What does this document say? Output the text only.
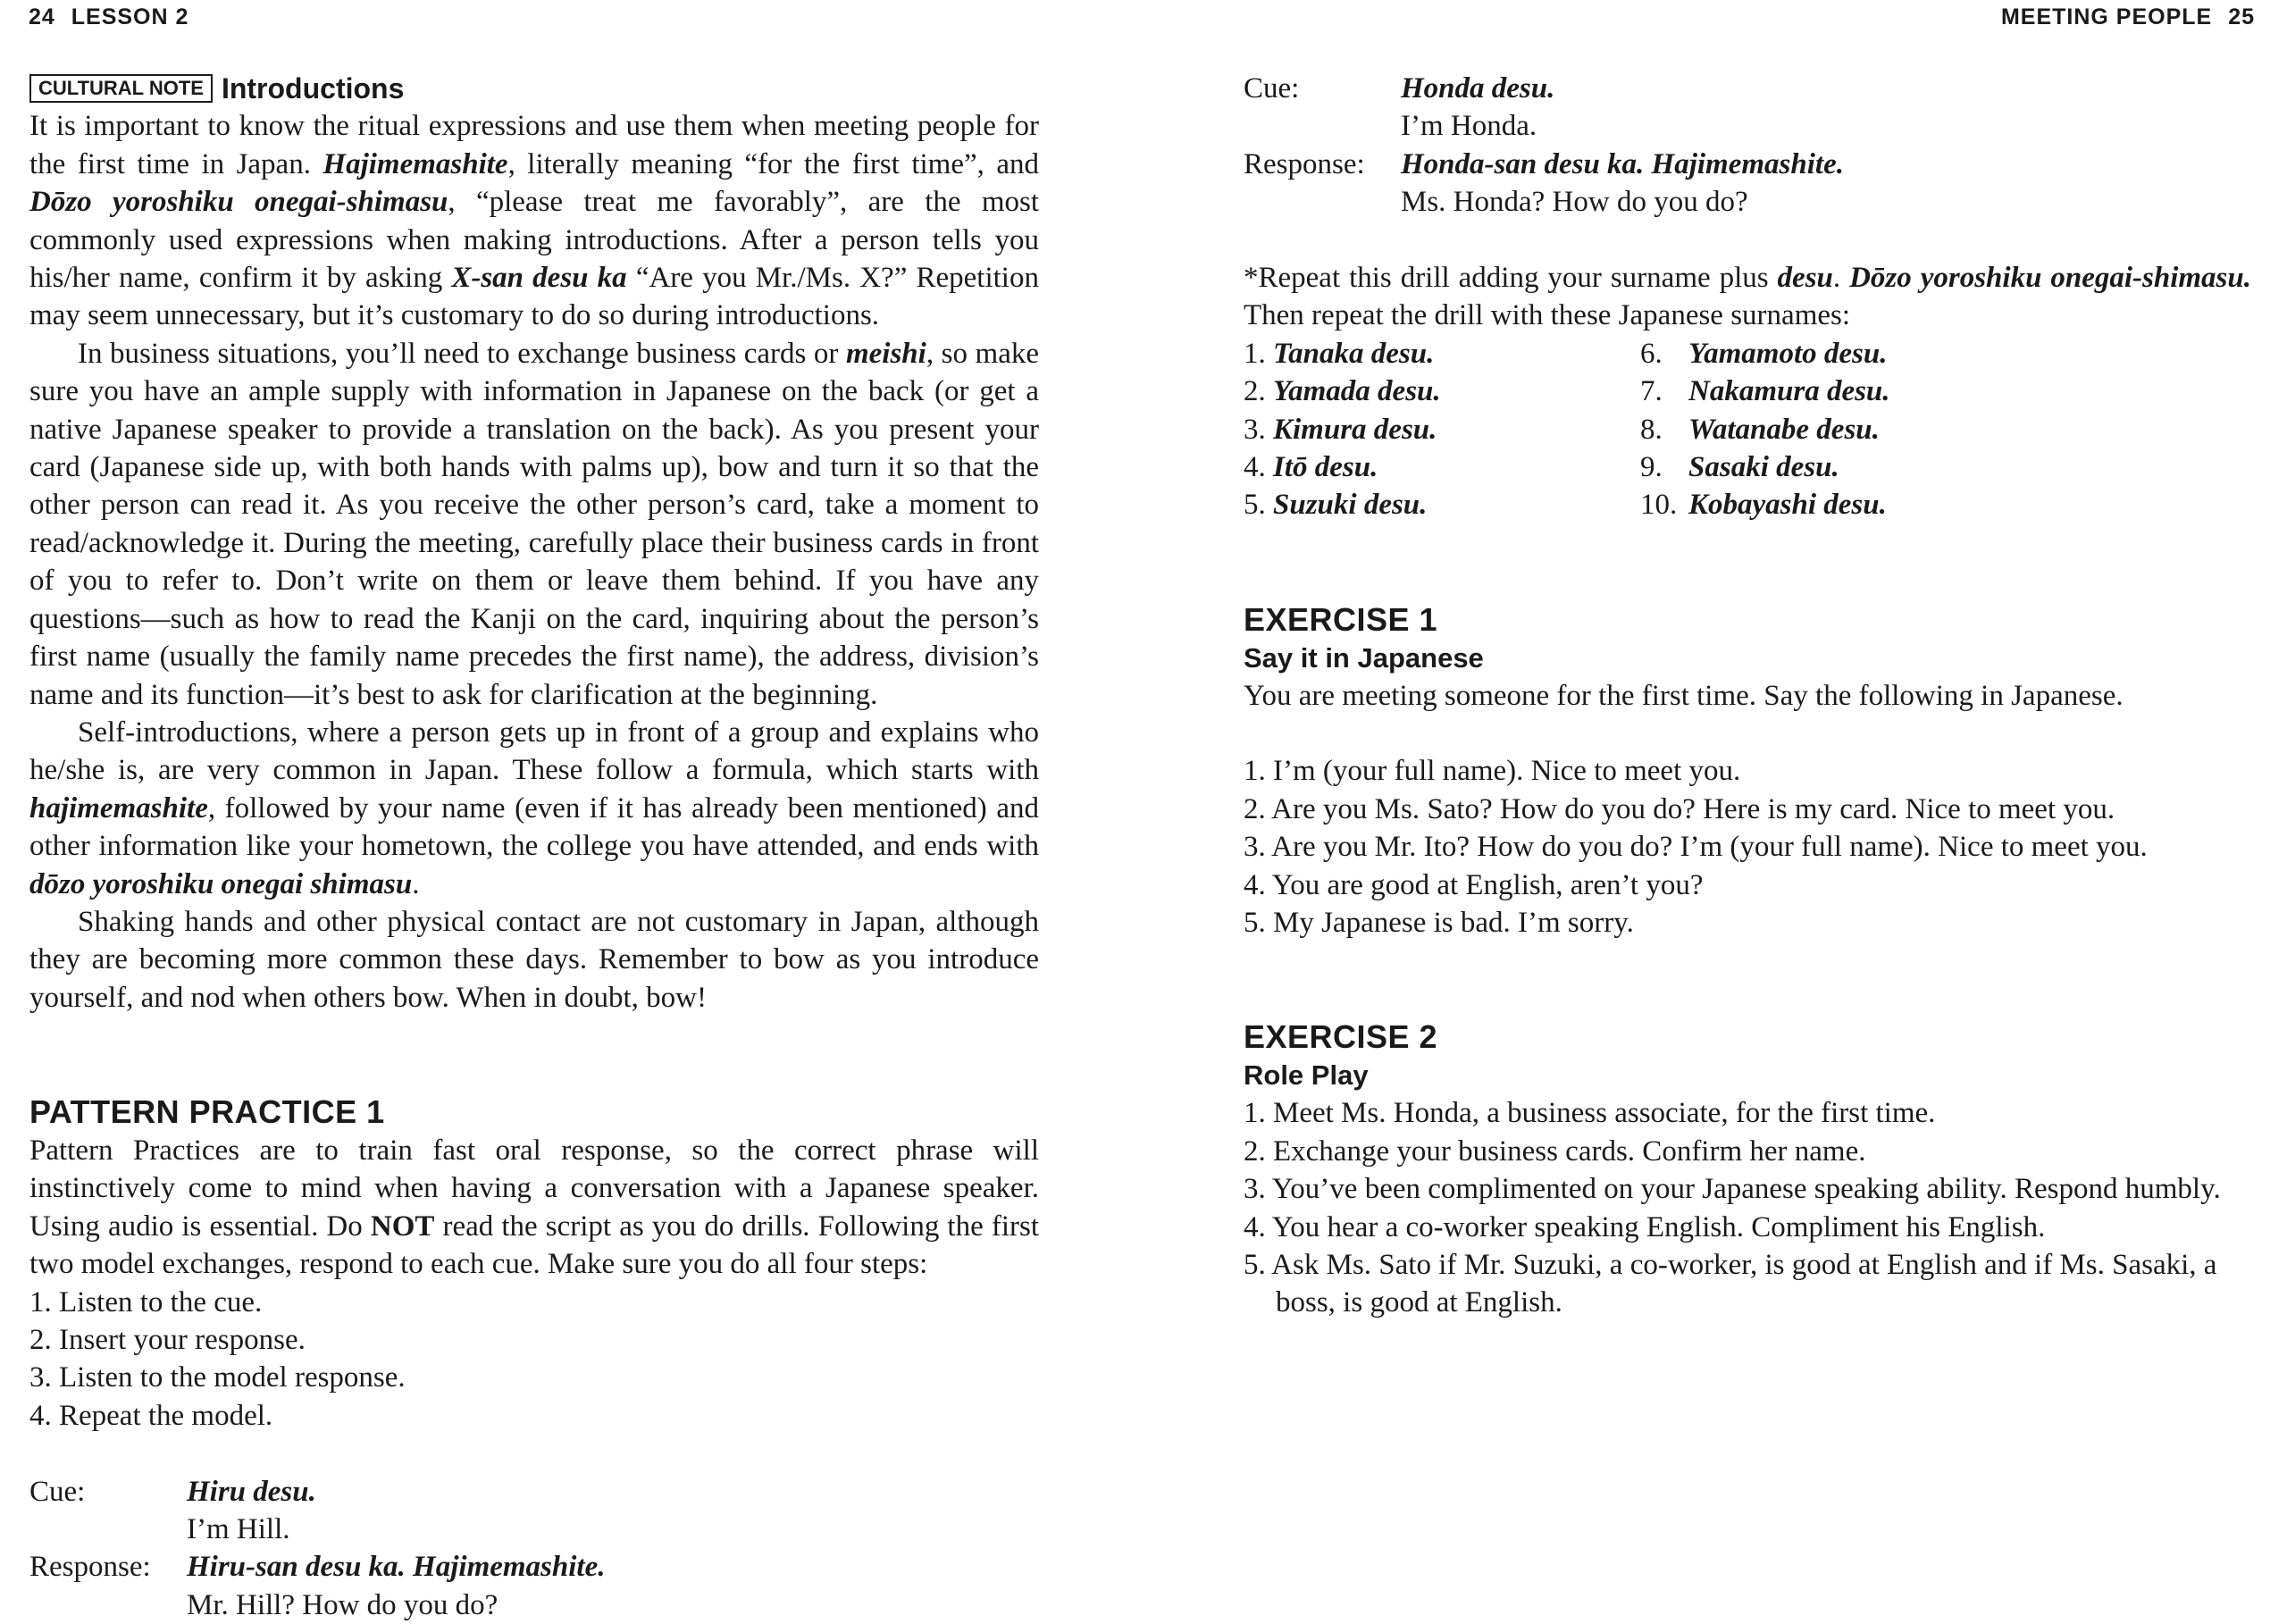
24 LESSON 2
CULTURAL NOTE Introductions

It is important to know the ritual expressions and use them when meeting people for the first time in Japan. Hajimemashite, literally meaning “for the first time”, and Dōzo yoroshiku onegai-shimasu, “please treat me favorably”, are the most commonly used expressions when making introductions. After a person tells you his/her name, confirm it by asking X-san desu ka “Are you Mr./Ms. X?” Repetition may seem unnecessary, but it’s customary to do so during introductions.

In business situations, you’ll need to exchange business cards or meishi, so make sure you have an ample supply with information in Japanese on the back (or get a native Japanese speaker to provide a translation on the back). As you present your card (Japanese side up, with both hands with palms up), bow and turn it so that the other person can read it. As you receive the other person’s card, take a moment to read/acknowledge it. During the meeting, carefully place their business cards in front of you to refer to. Don’t write on them or leave them behind. If you have any questions—such as how to read the Kanji on the card, inquiring about the person’s first name (usually the family name precedes the first name), the address, division’s name and its function—it’s best to ask for clarification at the beginning.

Self-introductions, where a person gets up in front of a group and explains who he/she is, are very common in Japan. These follow a formula, which starts with hajimemashite, followed by your name (even if it has already been mentioned) and other information like your hometown, the college you have attended, and ends with dōzo yoroshiku onegai shimasu.

Shaking hands and other physical contact are not customary in Japan, although they are becoming more common these days. Remember to bow as you introduce yourself, and nod when others bow. When in doubt, bow!

PATTERN PRACTICE 1

Pattern Practices are to train fast oral response, so the correct phrase will instinctively come to mind when having a conversation with a Japanese speaker. Using audio is essential. Do NOT read the script as you do drills. Following the first two model exchanges, respond to each cue. Make sure you do all four steps:

1. Listen to the cue.
2. Insert your response.
3. Listen to the model response.
4. Repeat the model.
Cue:	Hiru desu.
I’m Hill.
Response:	Hiru-san desu ka. Hajimemashite.
Mr. Hill? How do you do?
MEETING PEOPLE 25
Cue:	Honda desu.
I’m Honda.
Response:	Honda-san desu ka. Hajimemashite.
Ms. Honda? How do you do?

*Repeat this drill adding your surname plus desu. Dōzo yoroshiku onegai-shimasu. Then repeat the drill with these Japanese surnames:

1. Tanaka desu.
2. Yamada desu.
3. Kimura desu.
4. Itō desu.
5. Suzuki desu.
6.Yamamoto desu.
7.Nakamura desu.
8.Watanabe desu.
9.Sasaki desu.
10.Kobayashi desu.
EXERCISE 1
Say it in Japanese
You are meeting someone for the first time. Say the following in Japanese.
1. I’m (your full name). Nice to meet you.
2. Are you Ms. Sato? How do you do? Here is my card. Nice to meet you.
3. Are you Mr. Ito? How do you do? I’m (your full name). Nice to meet you.
4. You are good at English, aren’t you?
5. My Japanese is bad. I’m sorry.
EXERCISE 2
Role Play
1. Meet Ms. Honda, a business associate, for the first time.
2. Exchange your business cards. Confirm her name.
3. You’ve been complimented on your Japanese speaking ability. Respond humbly.
4. You hear a co-worker speaking English. Compliment his English.
5. Ask Ms. Sato if Mr. Suzuki, a co-worker, is good at English and if Ms. Sasaki, a boss, is good at English.
